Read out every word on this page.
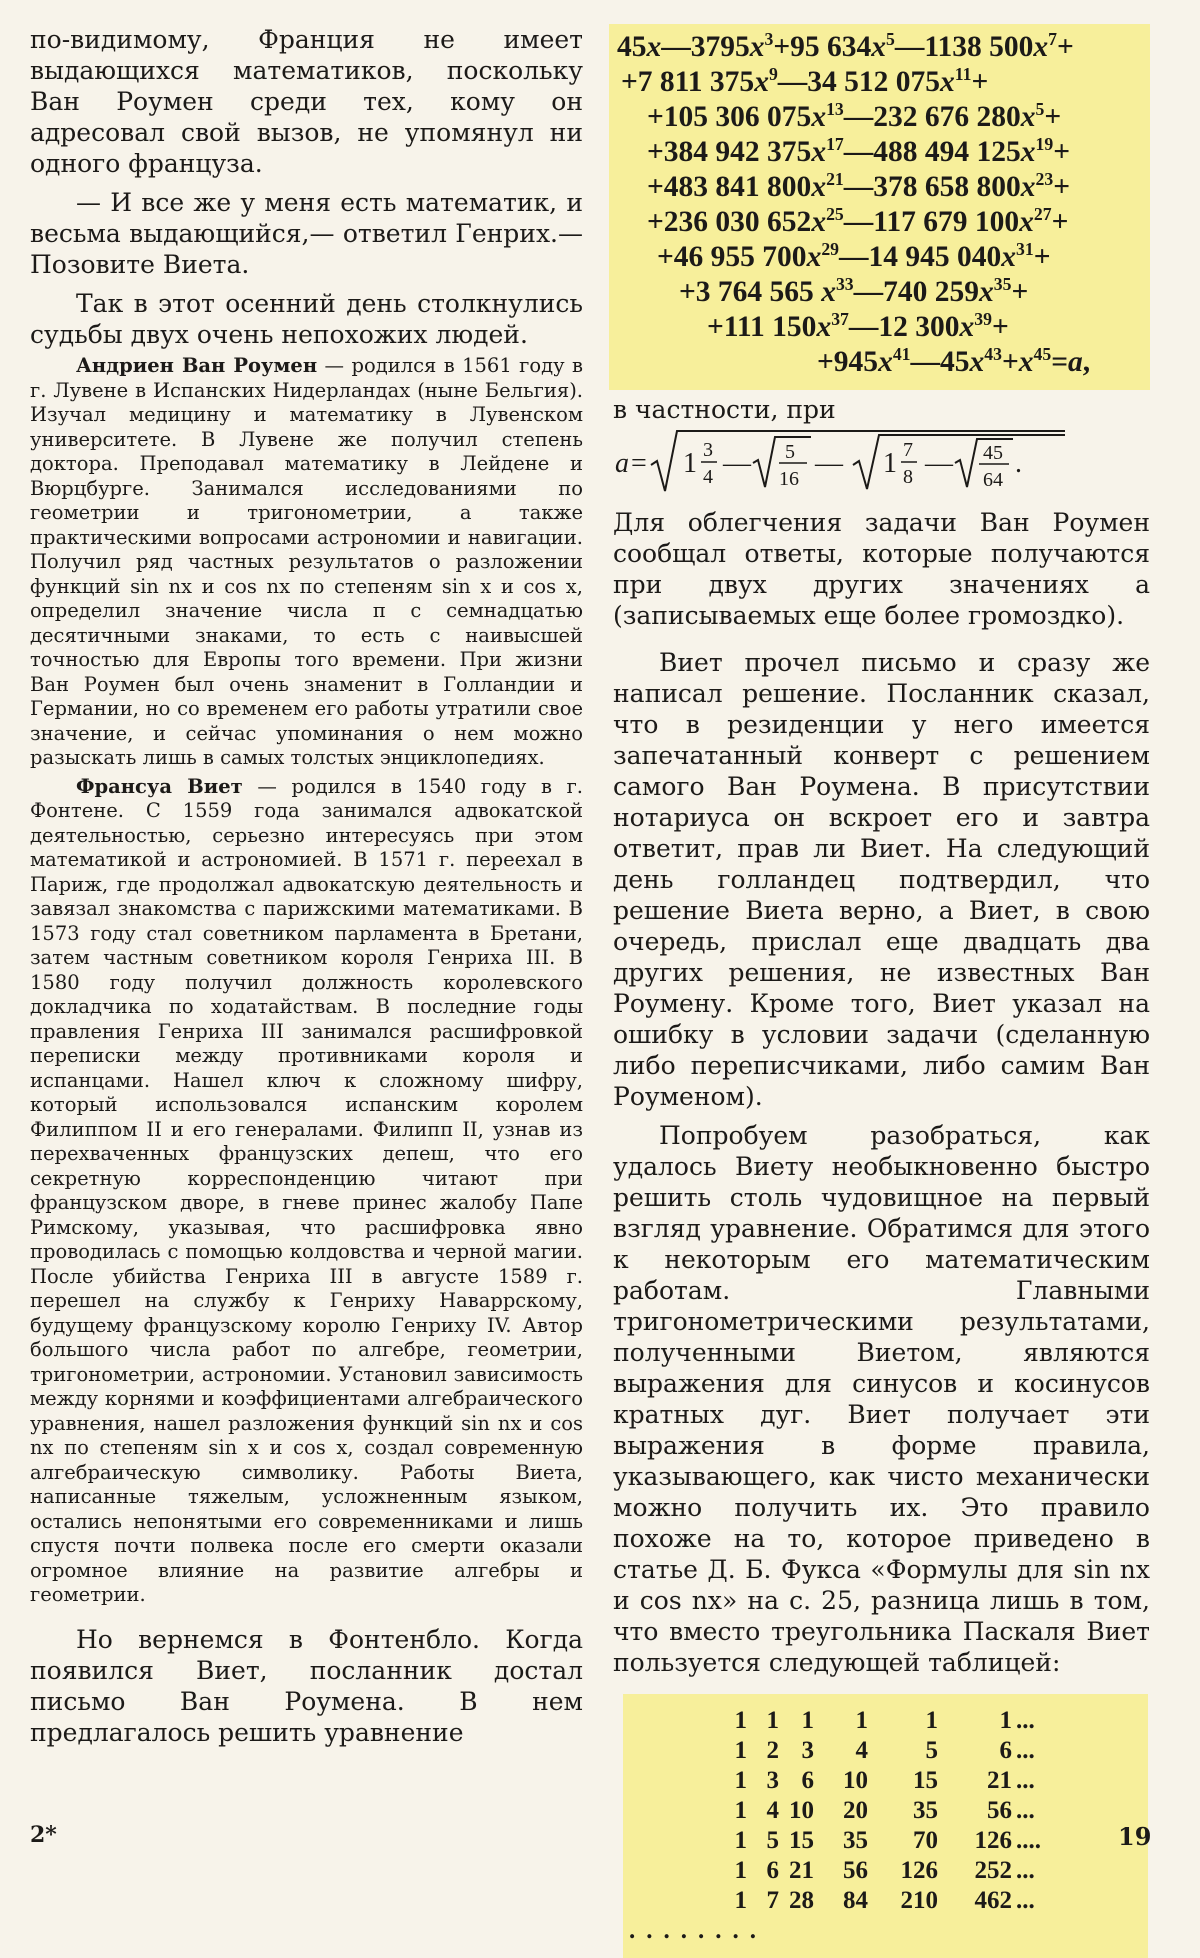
по-видимому, Франция не имеет выдающихся математиков, поскольку Ван Роумен среди тех, кому он адресовал свой вызов, не упомянул ни одного француза.

— И все же у меня есть математик, и весьма выдающийся,— ответил Генрих.— Позовите Виета.

Так в этот осенний день столкнулись судьбы двух очень непохожих людей.

Андриен Ван Роумен — родился в 1561 году в г. Лувене в Испанских Нидерландах (ныне Бельгия). Изучал медицину и математику в Лувенском университете. В Лувене же получил степень доктора. Преподавал математику в Лейдене и Вюрцбурге. Занимался исследованиями по геометрии и тригонометрии, а также практическими вопросами астрономии и навигации. Получил ряд частных результатов о разложении функций sin nx и cos nx по степеням sin x и cos x, определил значение числа π с семнадцатью десятичными знаками, то есть с наивысшей точностью для Европы того времени. При жизни Ван Роумен был очень знаменит в Голландии и Германии, но со временем его работы утратили свое значение, и сейчас упоминания о нем можно разыскать лишь в самых толстых энциклопедиях.

Франсуа Виет — родился в 1540 году в г. Фонтене. С 1559 года занимался адвокатской деятельностью, серьезно интересуясь при этом математикой и астрономией. В 1571 г. переехал в Париж, где продолжал адвокатскую деятельность и завязал знакомства с парижскими математиками. В 1573 году стал советником парламента в Бретани, затем частным советником короля Генриха III. В 1580 году получил должность королевского докладчика по ходатайствам. В последние годы правления Генриха III занимался расшифровкой переписки между противниками короля и испанцами. Нашел ключ к сложному шифру, который использовался испанским королем Филиппом II и его генералами. Филипп II, узнав из перехваченных французских депеш, что его секретную корреспонденцию читают при французском дворе, в гневе принес жалобу Папе Римскому, указывая, что расшифровка явно проводилась с помощью колдовства и черной магии. После убийства Генриха III в августе 1589 г. перешел на службу к Генриху Наваррскому, будущему французскому королю Генриху IV. Автор большого числа работ по алгебре, геометрии, тригонометрии, астрономии. Установил зависимость между корнями и коэффициентами алгебраического уравнения, нашел разложения функций sin nx и cos nx по степеням sin x и cos x, создал современную алгебраическую символику. Работы Виета, написанные тяжелым, усложненным языком, остались непонятыми его современниками и лишь спустя почти полвека после его смерти оказали огромное влияние на развитие алгебры и геометрии.

Но вернемся в Фонтенбло. Когда появился Виет, посланник достал письмо Ван Роумена. В нем предлагалось решить уравнение

$45x—3795x^3+95$ $634x^5—1138$ $500x^7+$
+7 811 $375x^9—34$ 512 $075x^{11}+$
+105 306 $075x^{13}—232$ 676 $280x^5+$
+384 942 $375x^{17}—488$ 494 $125x^{19}+$
+483 841 $800x^{21}—378$ 658 $800x^{23}+$
+236 030 $652x^{25}—117$ 679 $100x^{27}+$
+46 955 $700x^{29}—14$ 945 $040x^{31}+$
+3 764 565 $x^{33}—740$ $259x^{35}+$
+111 $150x^{37}—12$ $300x^{39}+$
$+945x^{41}—45x^{43}+x^{45}=a$,

в частности, при

a = 1 3
4 — 5
16 — 1 7
8 — 45
64
.

Для облегчения задачи Ван Роумен сообщал ответы, которые получаются при двух других значениях a (записываемых еще более громоздко).

Виет прочел письмо и сразу же написал решение. Посланник сказал, что в резиденции у него имеется запечатанный конверт с решением самого Ван Роумена. В присутствии нотариуса он вскроет его и завтра ответит, прав ли Виет. На следующий день голландец подтвердил, что решение Виета верно, а Виет, в свою очередь, прислал еще двадцать два других решения, не известных Ван Роумену. Кроме того, Виет указал на ошибку в условии задачи (сделанную либо переписчиками, либо самим Ван Роуменом).

Попробуем разобраться, как удалось Виету необыкновенно быстро решить столь чудовищное на первый взгляд уравнение. Обратимся для этого к некоторым его математическим работам. Главными тригонометрическими результатами, полученными Виетом, являются выражения для синусов и косинусов кратных дуг. Виет получает эти выражения в форме правила, указывающего, как чисто механически можно получить их. Это правило похоже на то, которое приведено в статье Д. Б. Фукса «Формулы для sin nx и cos nx» на с. 25, разница лишь в том, что вместо треугольника Паскаля Виет пользуется следующей таблицей:

1	1	1	1	1	1	...
1	2	3	4	5	6	...
1	3	6	10	15	21	...
1	4	10	20	35	56	...
1	5	15	35	70	126	....
1	6	21	56	126	252	...
1	7	28	84	210	462	...
........
2*	19
